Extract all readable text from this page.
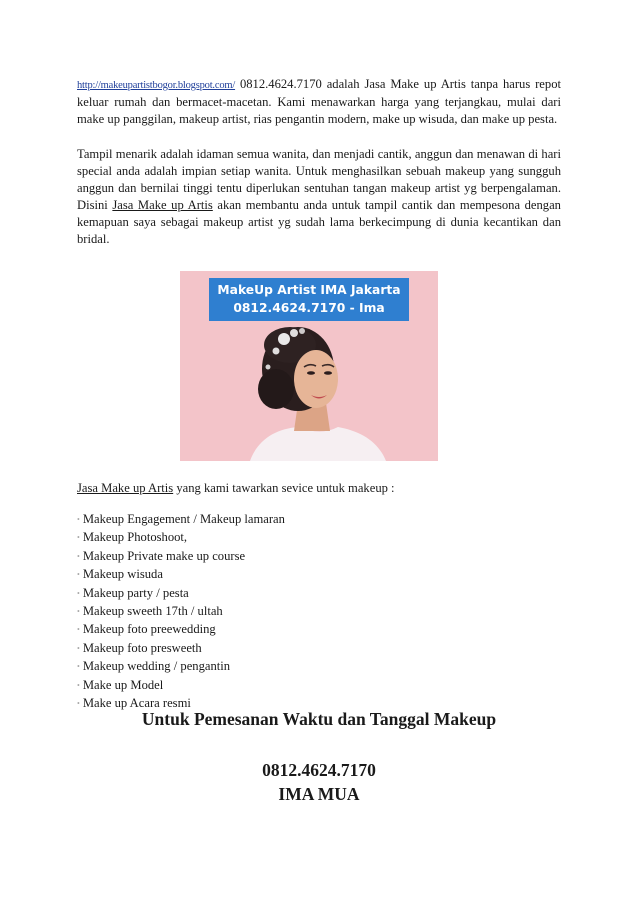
http://makeupartistbogor.blogspot.com/ 0812.4624.7170 adalah Jasa Make up Artis tanpa harus repot keluar rumah dan bermacet-macetan. Kami menawarkan harga yang terjangkau, mulai dari make up panggilan, makeup artist, rias pengantin modern, make up wisuda, dan make up pesta.

Tampil menarik adalah idaman semua wanita, dan menjadi cantik, anggun dan menawan di hari special anda adalah impian setiap wanita. Untuk menghasilkan sebuah makeup yang sungguh anggun dan bernilai tinggi tentu diperlukan sentuhan tangan makeup artist yg berpengalaman. Disini Jasa Make up Artis akan membantu anda untuk tampil cantik dan mempesona dengan kemapuan saya sebagai makeup artist yg sudah lama berkecimpung di dunia kecantikan dan bridal.

MakeUp Artist IMA Jakarta
0812.4624.7170 - Ima
Jasa Make up Artis yang kami tawarkan sevice untuk makeup :
• Makeup Engagement / Makeup lamaran
• Makeup Photoshoot,
• Makeup Private make up course
• Makeup wisuda
• Makeup party / pesta
• Makeup sweeth 17th / ultah
• Makeup foto preewedding
• Makeup foto presweeth
• Makeup wedding / pengantin
• Make up Model
• Make up Acara resmi
Untuk Pemesanan Waktu dan Tanggal Makeup
0812.4624.7170
IMA MUA
